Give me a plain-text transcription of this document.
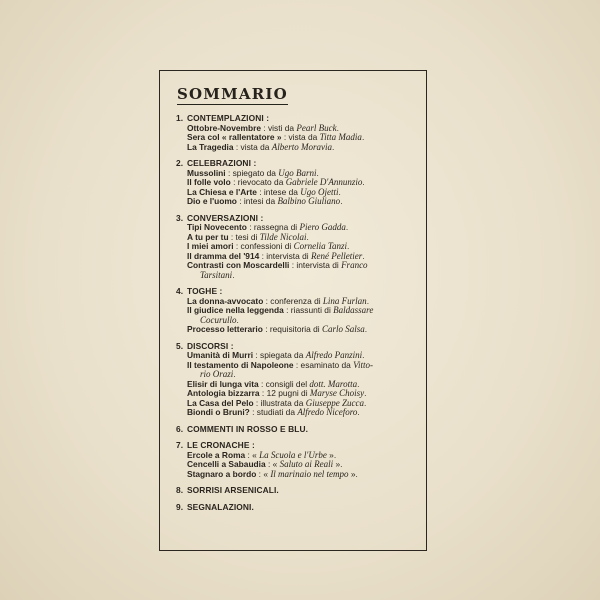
SOMMARIO
1. CONTEMPLAZIONI :
Ottobre-Novembre : visti da Pearl Buck.
Sera col « rallentatore » : vista da Titta Madia.
La Tragedia : vista da Alberto Moravia.
2. CELEBRAZIONI :
Mussolini : spiegato da Ugo Barni.
Il folle volo : rievocato da Gabriele D'Annunzio.
La Chiesa e l'Arte : intese da Ugo Ojetti.
Dio e l'uomo : intesi da Balbino Giuliano.
3. CONVERSAZIONI :
Tipi Novecento : rassegna di Piero Gadda.
A tu per tu : tesi di Tilde Nicolai.
I miei amori : confessioni di Cornelia Tanzi.
Il dramma del '914 : intervista di René Pelletier.
Contrasti con Moscardelli : intervista di Franco
Tarsitani.
4. TOGHE :
La donna-avvocato : conferenza di Lina Furlan.
Il giudice nella leggenda : riassunti di Baldassare
Cocurullo.
Processo letterario : requisitoria di Carlo Salsa.
5. DISCORSI :
Umanità di Murri : spiegata da Alfredo Panzini.
Il testamento di Napoleone : esaminato da Vitto-
rio Orazi.
Elisir di lunga vita : consigli del dott. Marotta.
Antologia bizzarra : 12 pugni di Maryse Choisy.
La Casa del Pelo : illustrata da Giuseppe Zucca.
Biondi o Bruni? : studiati da Alfredo Niceforo.
6. COMMENTI IN ROSSO E BLU.
7. LE CRONACHE :
Ercole a Roma : « La Scuola e l'Urbe ».
Cencelli a Sabaudia : « Saluto ai Reali ».
Stagnaro a bordo : « Il marinaio nel tempo ».
8. SORRISI ARSENICALI.
9. SEGNALAZIONI.
